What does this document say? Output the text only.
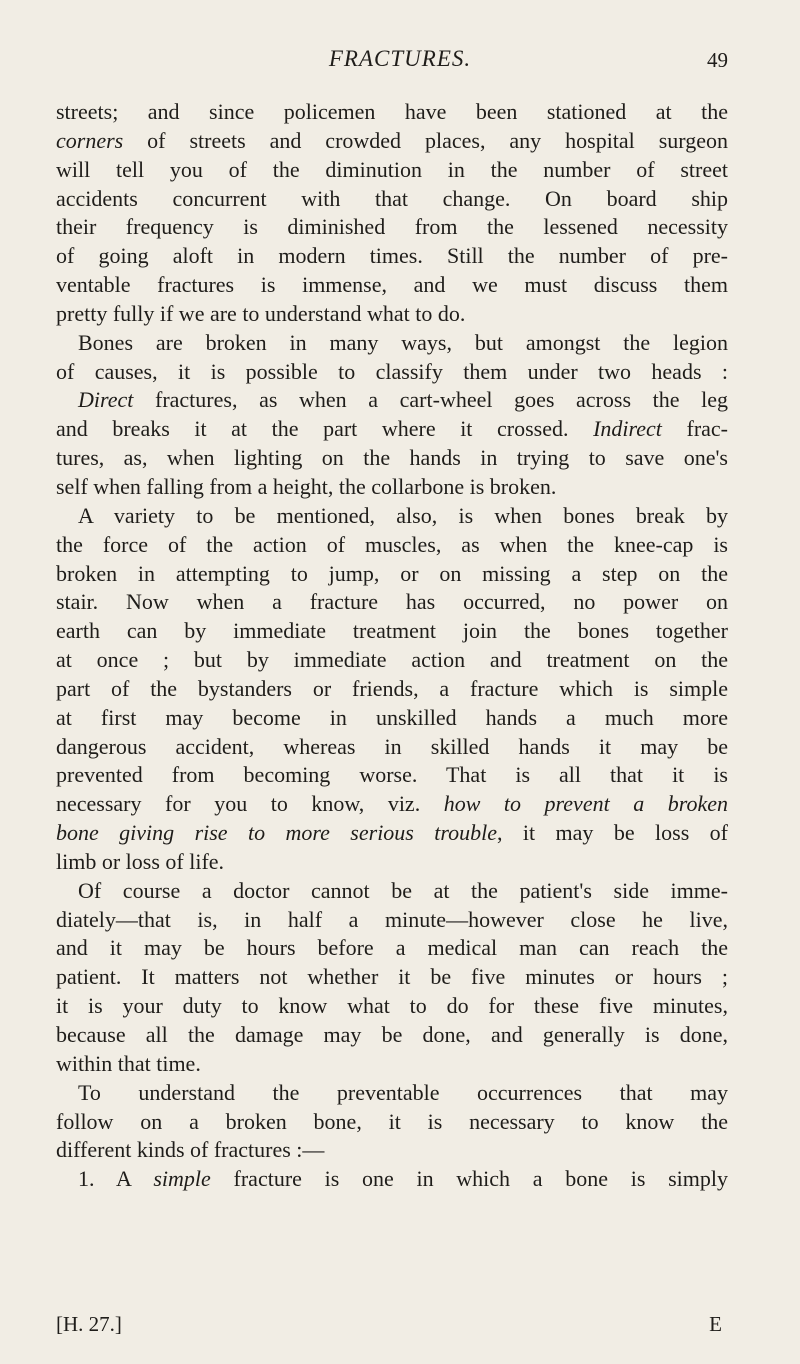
FRACTURES.	49
streets; and since policemen have been stationed at the
corners of streets and crowded places, any hospital surgeon
will tell you of the diminution in the number of street
accidents concurrent with that change. On board ship
their frequency is diminished from the lessened necessity
of going aloft in modern times. Still the number of pre-
ventable fractures is immense, and we must discuss them
pretty fully if we are to understand what to do.
Bones are broken in many ways, but amongst the legion
of causes, it is possible to classify them under two heads :
Direct fractures, as when a cart-wheel goes across the leg
and breaks it at the part where it crossed. Indirect frac-
tures, as, when lighting on the hands in trying to save one's
self when falling from a height, the collarbone is broken.
A variety to be mentioned, also, is when bones break by
the force of the action of muscles, as when the knee-cap is
broken in attempting to jump, or on missing a step on the
stair. Now when a fracture has occurred, no power on
earth can by immediate treatment join the bones together
at once ; but by immediate action and treatment on the
part of the bystanders or friends, a fracture which is simple
at first may become in unskilled hands a much more
dangerous accident, whereas in skilled hands it may be
prevented from becoming worse. That is all that it is
necessary for you to know, viz. how to prevent a broken
bone giving rise to more serious trouble, it may be loss of
limb or loss of life.
Of course a doctor cannot be at the patient's side imme-
diately—that is, in half a minute—however close he live,
and it may be hours before a medical man can reach the
patient. It matters not whether it be five minutes or hours ;
it is your duty to know what to do for these five minutes,
because all the damage may be done, and generally is done,
within that time.
To understand the preventable occurrences that may
follow on a broken bone, it is necessary to know the
different kinds of fractures :—
1. A simple fracture is one in which a bone is simply
[H. 27.]	E
